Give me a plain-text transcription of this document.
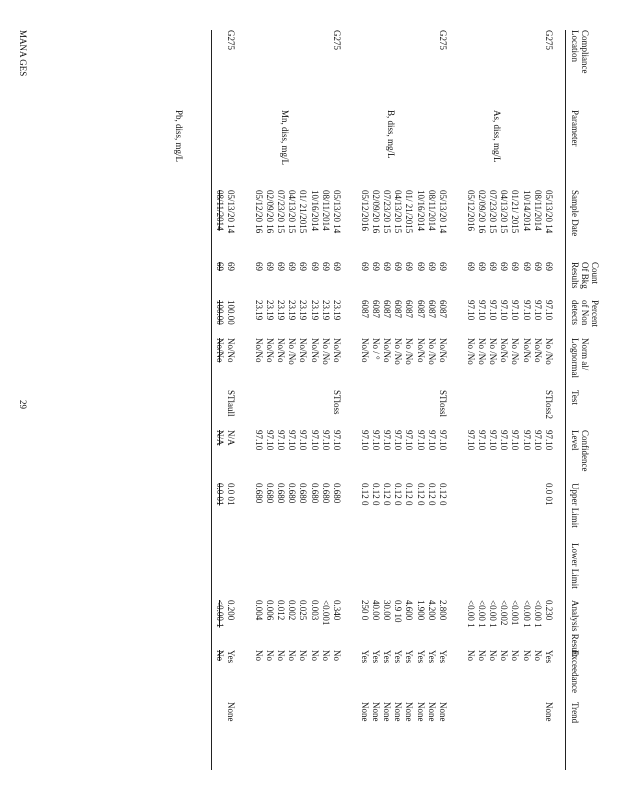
Compliance
Location
Parameter
Sample Date
Count
Of Bkg
Results
Percent
of Non
detects
Norm al/
Lognormal
Test
Confidence
Level
Upper Limit
Lower Limit
Analysis Result
Exceedance
Trend
G275
As, diss, mg/L
STloss2
None
05/13/20 14
69
97.10
No /No
97.10
0.0 01
0.230
Yes
08/11/2014
69
97.10
No/No
97.10
<0.00 1
No
10/14/2014
69
97.10
No/No
97.10
<0.00 1
No
01/21/ 2015
69
97.10
No /No
97.10
<0.001
No
04/13/20 15
69
97.10
No/No
97.10
<0.002
No
07/23/20 15
69
97.10
No /No
97.10
<0.00 1
No
02/09/20 16
69
97.10
No /No
97.10
<0.00 1
No
05/12/2016
69
97.10
No /No
97.10
<0.00 1
No
G275
B, diss, mg/L
STlossl
None
05/13/20 14
69
6087
No/No
97.10
0.12 0
2.800
Yes
08/11/2014
69
6087
No /No
97.10
0.12 0
4.200
Yes
None
10/16/2014
69
6087
No/No
97.10
0.12 0
1.900
Yes
None
01/ 21/2015
69
6087
No /No
97.10
0.12 0
4.600
Yes
None
04/13/20 15
69
6087
No /No
97.10
0.12 0
0.9 10
Yes
None
07/23/20 15
69
6087
No/No
97.10
0.12 0
30.00
Yes
None
02/09/20 16
69
6087
No / °
97.10
0.12 0
40.00
Yes
None
05/12/2016
69
6087
No/No
97.10
0.12 0
250 0
Yes
None
G275
Mn, diss, mg/L
STloss
05/13/20 14
69
23.19
No/No
97.10
0.680
0.340
No
08/11/2014
69
23.19
No /No
97.10
0.680
<0.001
No
10/16/2014
69
23.19
No/No
97.10
0.680
0.003
No
01/ 21/2015
69
23.19
No/No
97.10
0.680
0.025
No
04/13/20 15
69
23.19
No /No
97.10
0.680
0.002
No
07/23/20 15
69
23.19
No/No
97.10
0.680
0.012
No
02/09/20 16
69
23.19
No/No
97.10
0.680
0.006
No
05/12/20 16
69
23.19
No/No
97.10
0.680
0.004
No
G275
Pb, diss, mg/L
STlaull
None
05/13/20 14
69
100.00
No/No
N/A
0.0 01
0.200
Yes
08/11/2014
69
100.00
No/No
N/A
0.0 01
<0.00 1
No
MANA GES
29
